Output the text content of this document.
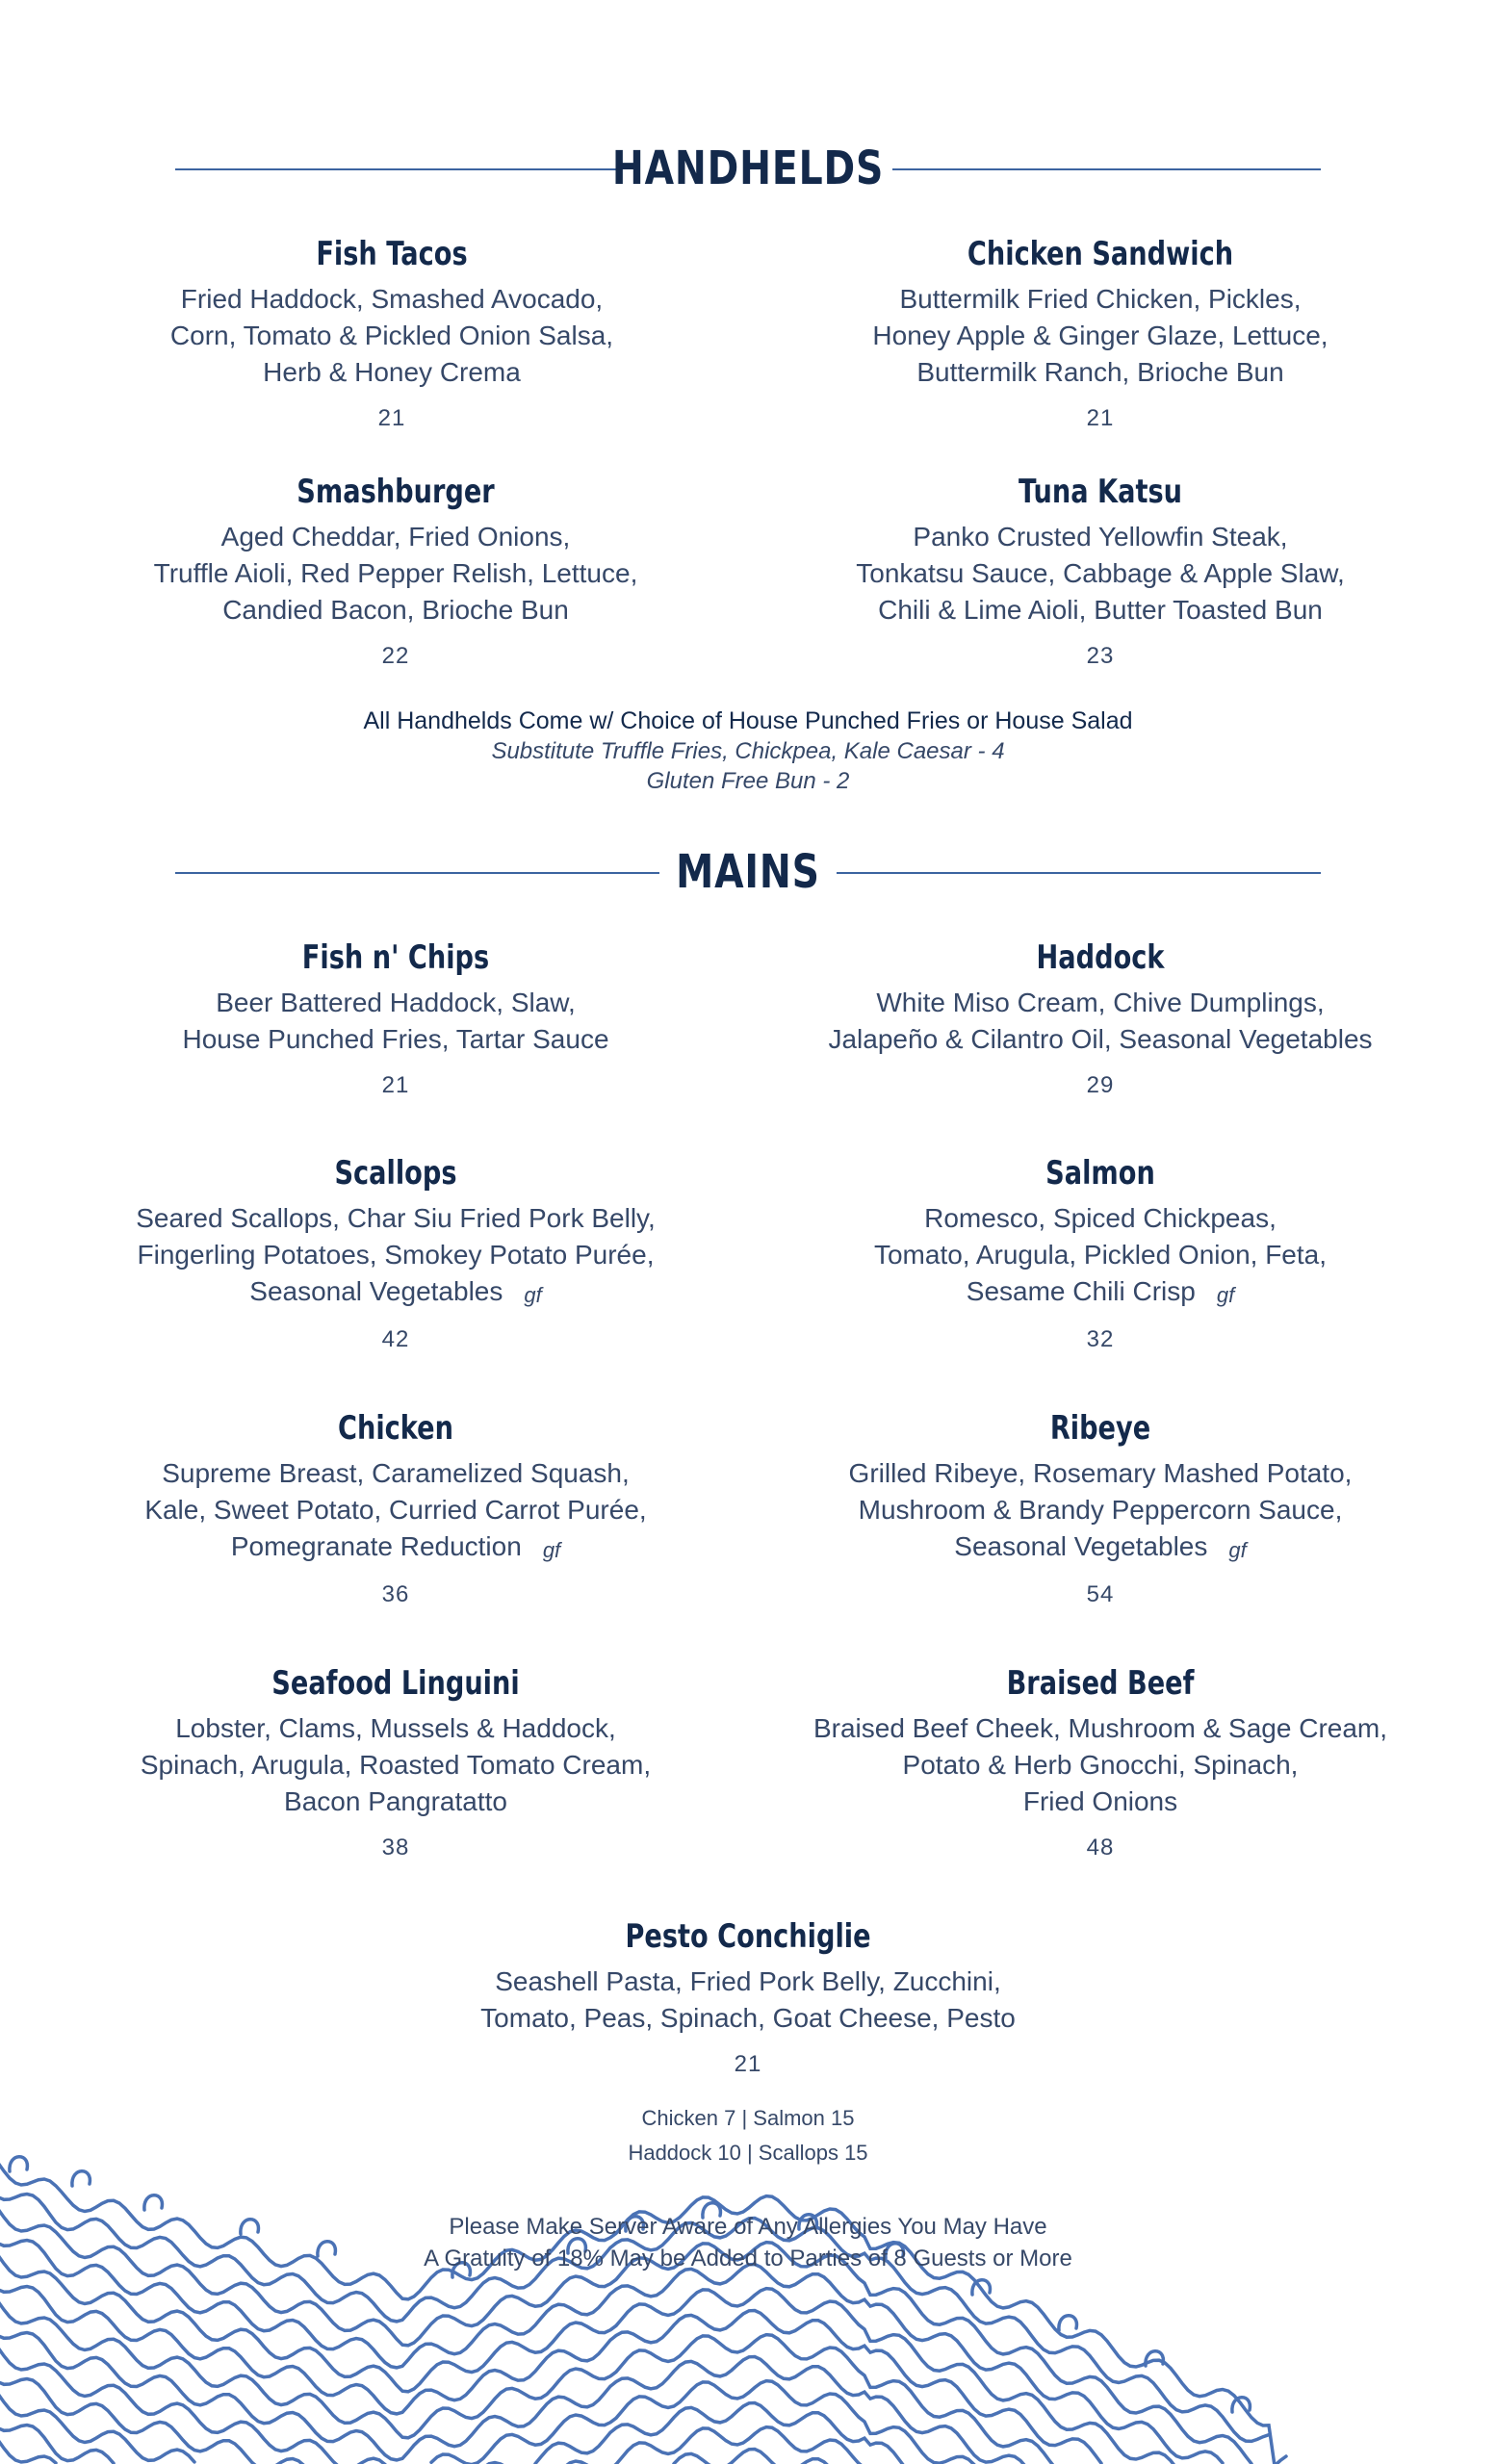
HANDHELDS
Fish Tacos
Fried Haddock, Smashed Avocado,
Corn, Tomato & Pickled Onion Salsa,
Herb & Honey Crema
21
Chicken Sandwich
Buttermilk Fried Chicken, Pickles,
Honey Apple & Ginger Glaze, Lettuce,
Buttermilk Ranch, Brioche Bun
21
Smashburger
Aged Cheddar, Fried Onions,
Truffle Aioli, Red Pepper Relish, Lettuce,
Candied Bacon, Brioche Bun
22
Tuna Katsu
Panko Crusted Yellowfin Steak,
Tonkatsu Sauce, Cabbage & Apple Slaw,
Chili & Lime Aioli, Butter Toasted Bun
23
All Handhelds Come w/ Choice of House Punched Fries or House Salad
Substitute Truffle Fries, Chickpea, Kale Caesar - 4
Gluten Free Bun - 2
MAINS
Fish n' Chips
Beer Battered Haddock, Slaw,
House Punched Fries, Tartar Sauce
21
Haddock
White Miso Cream, Chive Dumplings,
Jalapeño & Cilantro Oil, Seasonal Vegetables
29
Scallops
Seared Scallops, Char Siu Fried Pork Belly,
Fingerling Potatoes, Smokey Potato Purée,
Seasonal Vegetables gf
42
Salmon
Romesco, Spiced Chickpeas,
Tomato, Arugula, Pickled Onion, Feta,
Sesame Chili Crisp gf
32
Chicken
Supreme Breast, Caramelized Squash,
Kale, Sweet Potato, Curried Carrot Purée,
Pomegranate Reduction gf
36
Ribeye
Grilled Ribeye, Rosemary Mashed Potato,
Mushroom & Brandy Peppercorn Sauce,
Seasonal Vegetables gf
54
Seafood Linguini
Lobster, Clams, Mussels & Haddock,
Spinach, Arugula, Roasted Tomato Cream,
Bacon Pangratatto
38
Braised Beef
Braised Beef Cheek, Mushroom & Sage Cream,
Potato & Herb Gnocchi, Spinach,
Fried Onions
48
Pesto Conchiglie
Seashell Pasta, Fried Pork Belly, Zucchini,
Tomato, Peas, Spinach, Goat Cheese, Pesto
21
Chicken 7 | Salmon 15
Haddock 10 | Scallops 15
Please Make Server Aware of Any Allergies You May Have
A Gratuity of 18% May be Added to Parties of 8 Guests or More
